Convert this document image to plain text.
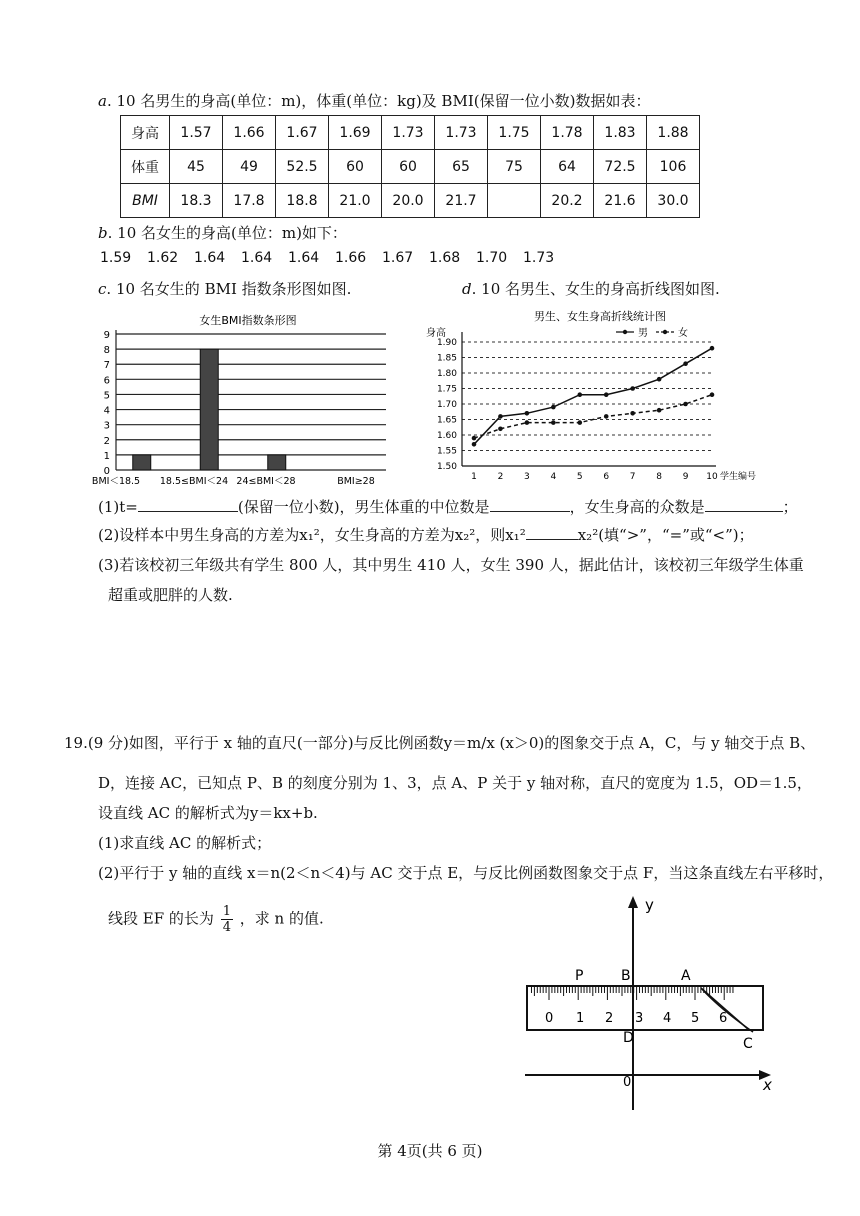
a. 10 名男生的身高(单位：m)，体重(单位：kg)及 BMI(保留一位小数)数据如表：
身高	1.57	1.66	1.67	1.69	1.73	1.73	1.75	1.78	1.83	1.88
体重	45	49	52.5	60	60	65	75	64	72.5	106
BMI	18.3	17.8	18.8	21.0	20.0	21.7		20.2	21.6	30.0
b. 10 名女生的身高(单位：m)如下：
1.59 1.62 1.64 1.64 1.64 1.66 1.67 1.68 1.70 1.73
c. 10 名女生的 BMI 指数条形图如图.	d. 10 名男生、女生的身高折线图如图.
女生BMI指数条形图
0
1
2
3
4
5
6
7
8
9
BMI＜18.5 18.5≤BMI＜24 24≤BMI＜28	BMI≥28
男生、女生身高折线统计图
身高
1.50
1.55
1.60
1.65
1.70
1.75
1.80
1.85
1.90
1 2 3 4 5 6 7 8 9 10 学生编号
男	女
(1)t=	(保留一位小数)，男生体重的中位数是	，女生身高的众数是	；
(2)设样本中男生身高的方差为x₁²，女生身高的方差为x₂²，则x₁²	x₂²(填“>”，“=”或“<”)；
(3)若该校初三年级共有学生 800 人，其中男生 410 人，女生 390 人，据此估计，该校初三年级学生体重
超重或肥胖的人数.
19.(9 分)如图，平行于 x 轴的直尺(一部分)与反比例函数y＝m/x (x＞0)的图象交于点 A，C，与 y 轴交于点 B、
D，连接 AC，已知点 P、B 的刻度分别为 1、3，点 A、P 关于 y 轴对称，直尺的宽度为 1.5，OD＝1.5，
设直线 AC 的解析式为y＝kx+b.
(1)求直线 AC 的解析式；
(2)平行于 y 轴的直线 x＝n(2＜n＜4)与 AC 交于点 E，与反比例函数图象交于点 F，当这条直线左右平移时，
线段 EF 的长为 $\frac{1}{4}$ ，求 n 的值.
y
x
0
0 1 2 3 4 5 6
P	B	A
D	C
第 4页(共 6 页)
